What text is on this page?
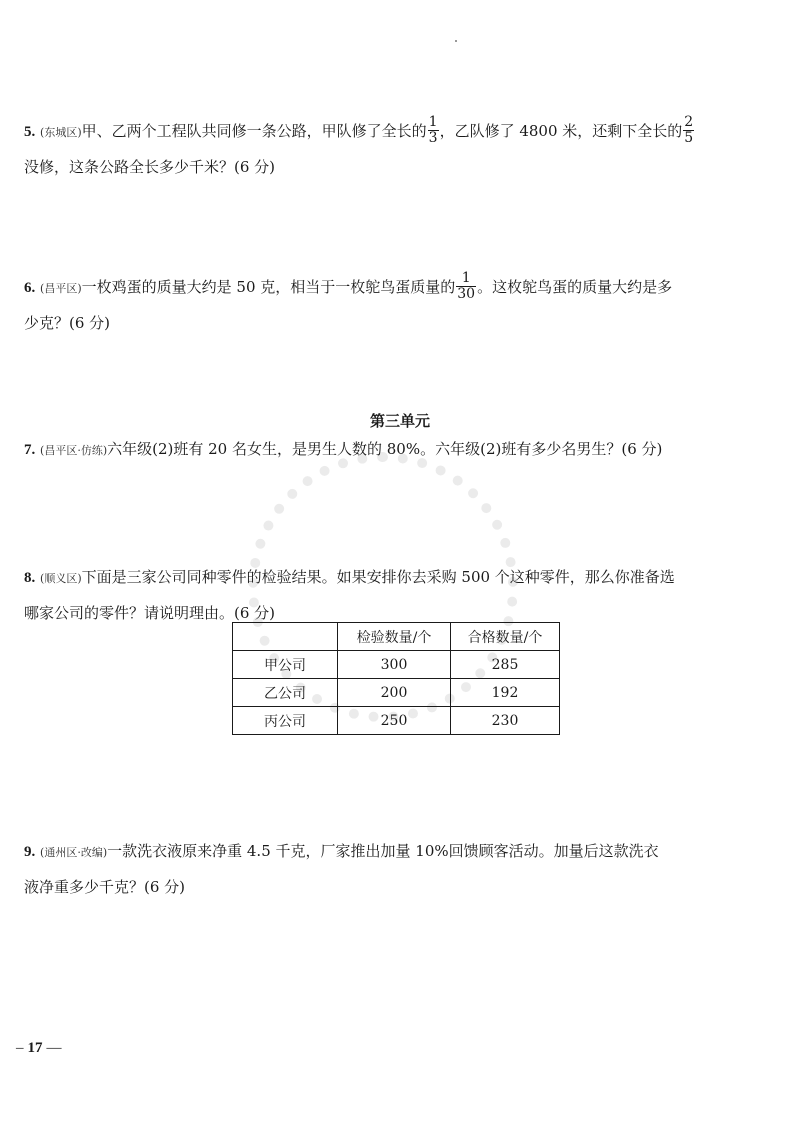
5. (东城区)甲、乙两个工程队共同修一条公路，甲队修了全长的 $\frac{1}{3}$ ，乙队修了 4800 米，还剩下全长的 $\frac{2}{5}$
没修，这条公路全长多少千米？(6 分)
6. (昌平区)一枚鸡蛋的质量大约是 50 克，相当于一枚鸵鸟蛋质量的 $\frac{1}{30}$ 。这枚鸵鸟蛋的质量大约是多
少克？(6 分)
第三单元
7. (昌平区·仿练)六年级(2)班有 20 名女生，是男生人数的 80%。六年级(2)班有多少名男生？(6 分)
8. (顺义区)下面是三家公司同种零件的检验结果。如果安排你去采购 500 个这种零件，那么你准备选
哪家公司的零件？请说明理由。(6 分)
	检验数量/个	合格数量/个
甲公司	300	285
乙公司	200	192
丙公司	250	230
9. (通州区·改编)一款洗衣液原来净重 4.5 千克，厂家推出加量 10%回馈顾客活动。加量后这款洗衣
液净重多少千克？(6 分)
– 17 —
